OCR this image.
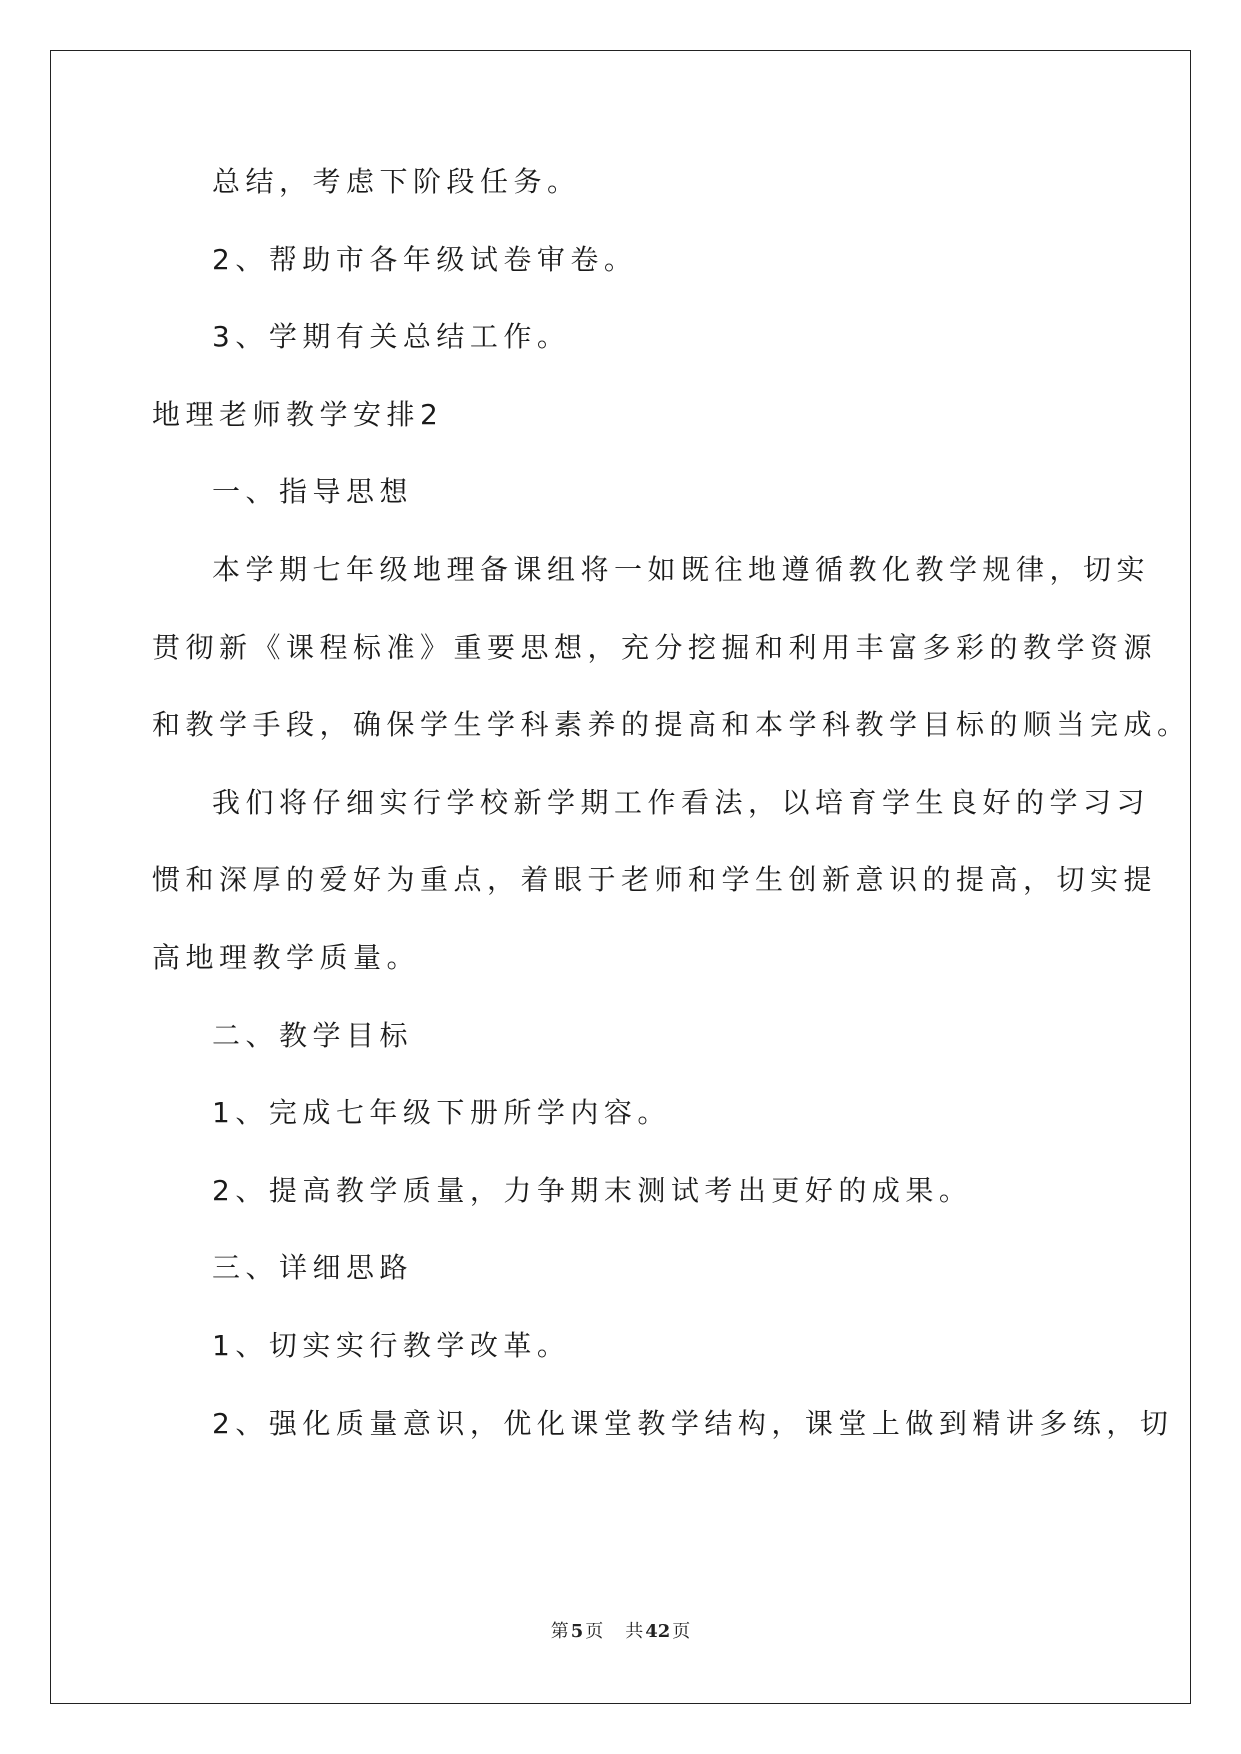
总结，考虑下阶段任务。
2、帮助市各年级试卷审卷。
3、学期有关总结工作。
地理老师教学安排2
一、指导思想
本学期七年级地理备课组将一如既往地遵循教化教学规律，切实
贯彻新《课程标准》重要思想，充分挖掘和利用丰富多彩的教学资源
和教学手段，确保学生学科素养的提高和本学科教学目标的顺当完成。
我们将仔细实行学校新学期工作看法，以培育学生良好的学习习
惯和深厚的爱好为重点，着眼于老师和学生创新意识的提高，切实提
高地理教学质量。
二、教学目标
1、完成七年级下册所学内容。
2、提高教学质量，力争期末测试考出更好的成果。
三、详细思路
1、切实实行教学改革。
2、强化质量意识，优化课堂教学结构，课堂上做到精讲多练，切
第 5 页 共 42 页
